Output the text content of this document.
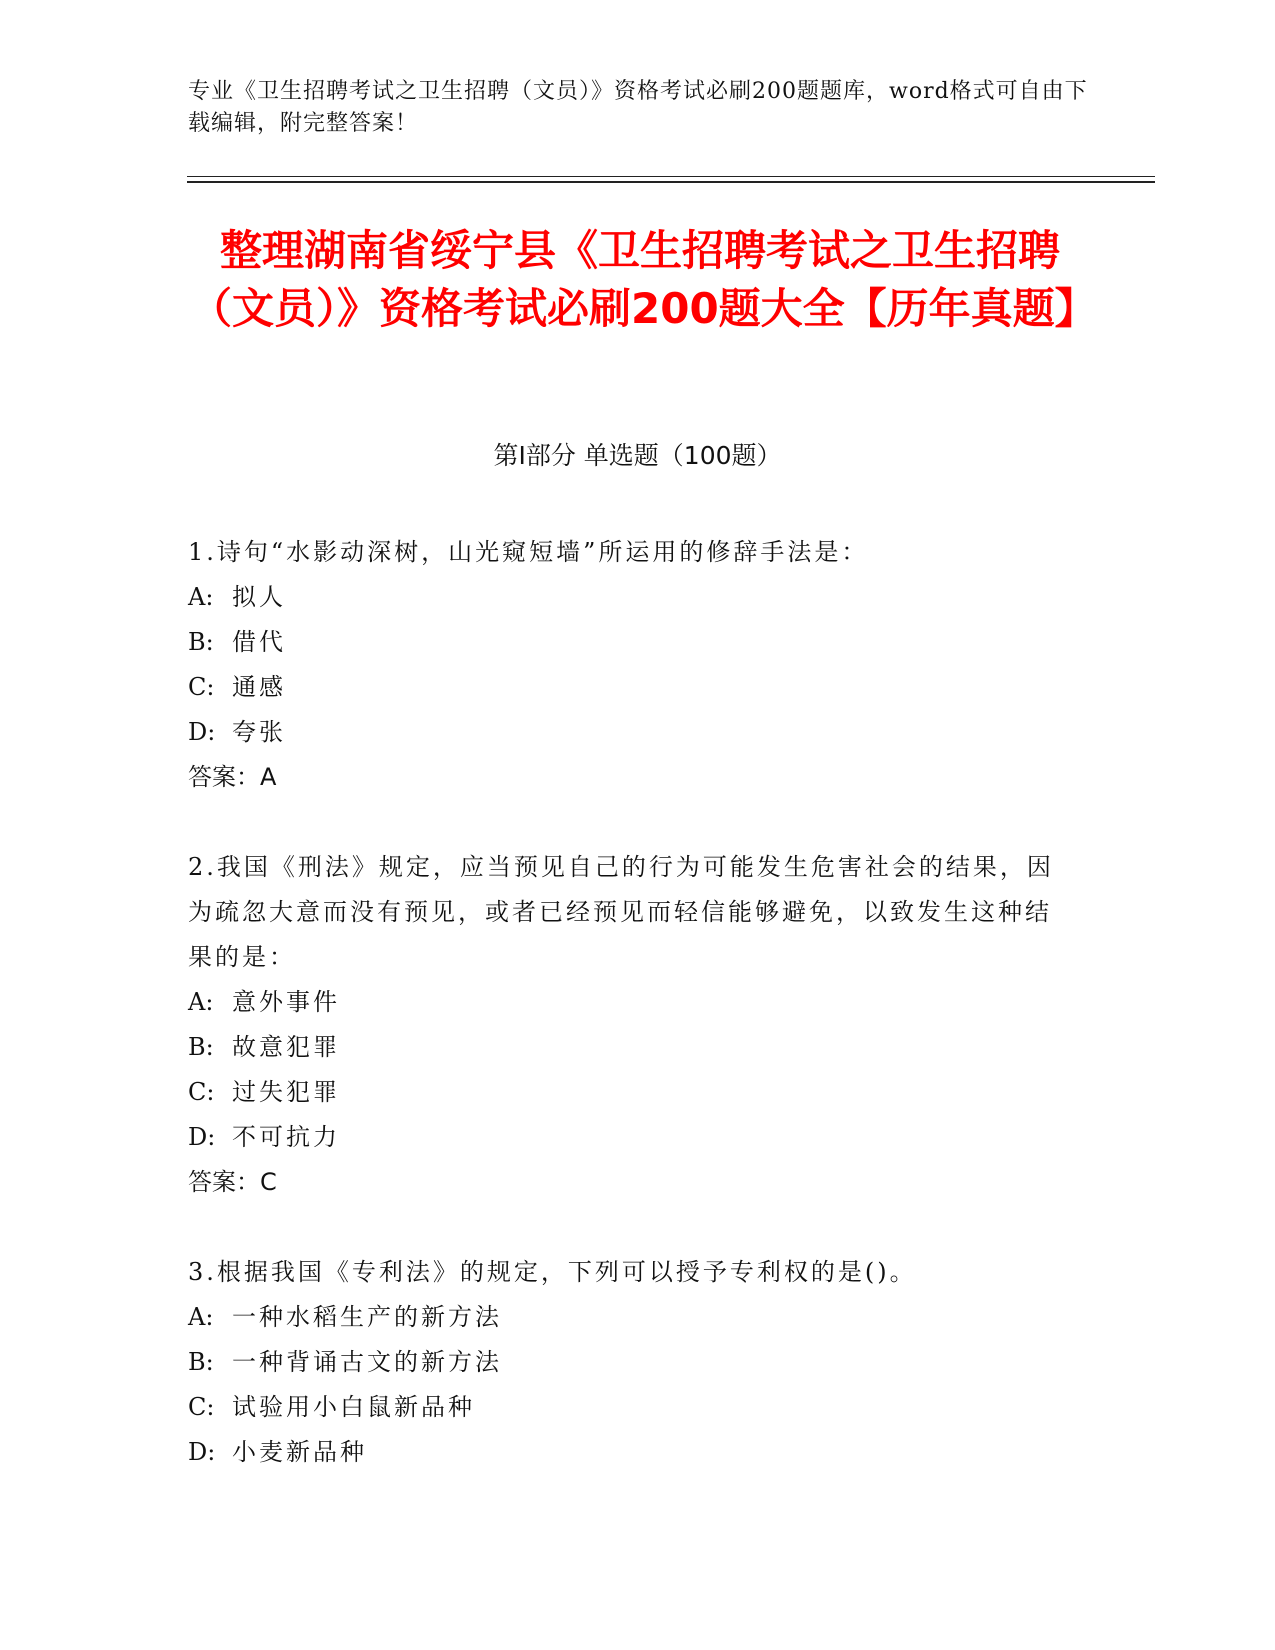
专业《卫生招聘考试之卫生招聘（文员）》资格考试必刷200题题库，word格式可自由下载编辑，附完整答案！
整理湖南省绥宁县《卫生招聘考试之卫生招聘（文员）》资格考试必刷200题大全【历年真题】
第Ⅰ部分 单选题（100题）
1.诗句“水影动深树，山光窥短墙”所运用的修辞手法是：
A: 拟人
B: 借代
C: 通感
D: 夸张
答案：A
2.我国《刑法》规定，应当预见自己的行为可能发生危害社会的结果，因为疏忽大意而没有预见，或者已经预见而轻信能够避免，以致发生这种结果的是：
A: 意外事件
B: 故意犯罪
C: 过失犯罪
D: 不可抗力
答案：C
3.根据我国《专利法》的规定，下列可以授予专利权的是()。
A: 一种水稻生产的新方法
B: 一种背诵古文的新方法
C: 试验用小白鼠新品种
D: 小麦新品种
